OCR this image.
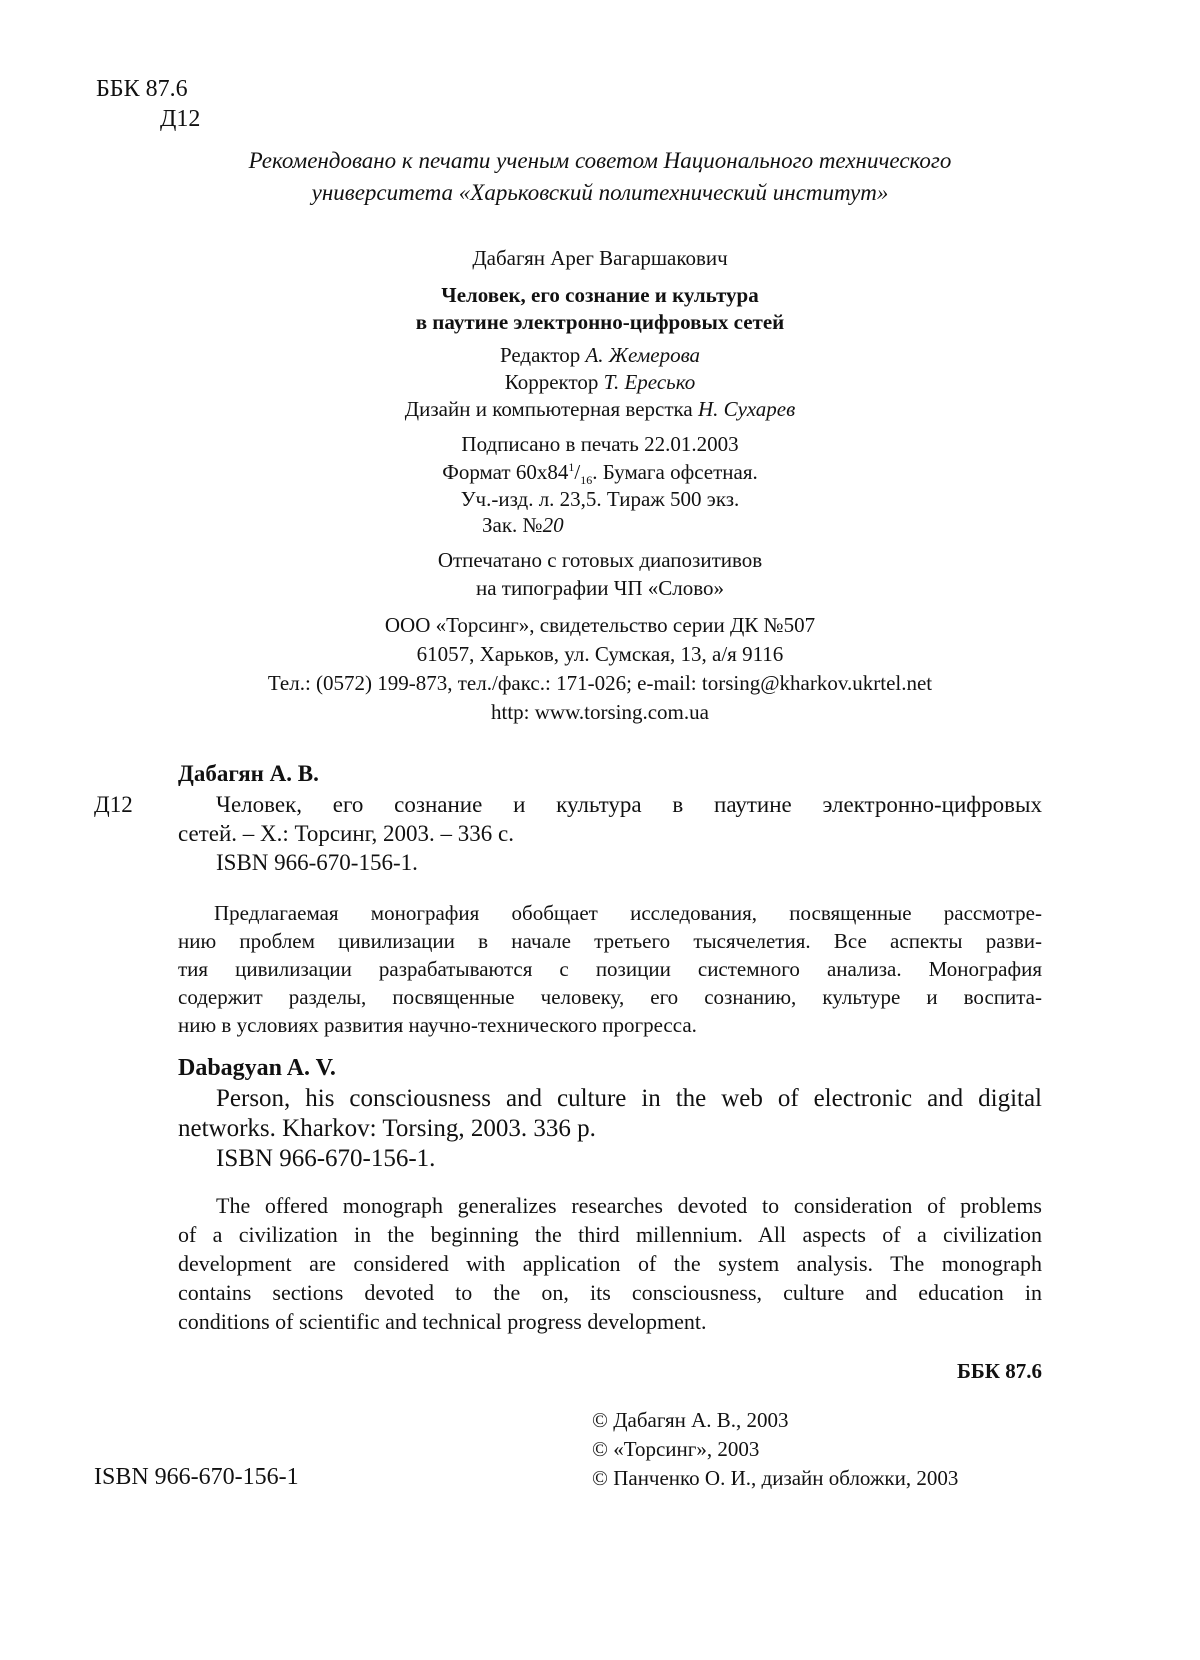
ББК 87.6
Д12
Рекомендовано к печати ученым советом Национального технического
университета «Харьковский политехнический институт»
Дабагян Арег Вагаршакович
Человек, его сознание и культура
в паутине электронно-цифровых сетей
Редактор А. Жемерова
Корректор Т. Ересько
Дизайн и компьютерная верстка Н. Сухарев
Подписано в печать 22.01.2003
Формат $60х84^1/_{16}$. Бумага офсетная.
Уч.-изд. л. 23,5. Тираж 500 экз.
Зак. №20
Отпечатано с готовых диапозитивов
на типографии ЧП «Слово»
ООО «Торсинг», свидетельство серии ДК №507
61057, Харьков, ул. Сумская, 13, а/я 9116
Тел.: (0572) 199-873, тел./факс.: 171-026; e-mail: torsing@kharkov.ukrtel.net
http: www.torsing.com.ua
Дабагян А. В.
Д12	Человек, его сознание и культура в паутине электронно-цифровых
сетей. – Х.: Торсинг, 2003. – 336 с.
ISBN 966-670-156-1.
Предлагаемая монография обобщает исследования, посвященные рассмотре-
нию проблем цивилизации в начале третьего тысячелетия. Все аспекты разви-
тия цивилизации разрабатываются с позиции системного анализа. Монография
содержит разделы, посвященные человеку, его сознанию, культуре и воспита-
нию в условиях развития научно-технического прогресса.
Dabagyan A. V.
Person, his consciousness and culture in the web of electronic and digital
networks. Kharkov: Torsing, 2003. 336 p.
ISBN 966-670-156-1.
The offered monograph generalizes researches devoted to consideration of problems
of a civilization in the beginning the third millennium. All aspects of a civilization
development are considered with application of the system analysis. The monograph
contains sections devoted to the on, its consciousness, culture and education in
conditions of scientific and technical progress development.
ББК 87.6
© Дабагян А. В., 2003
© «Торсинг», 2003
© Панченко О. И., дизайн обложки, 2003
ISBN 966-670-156-1
